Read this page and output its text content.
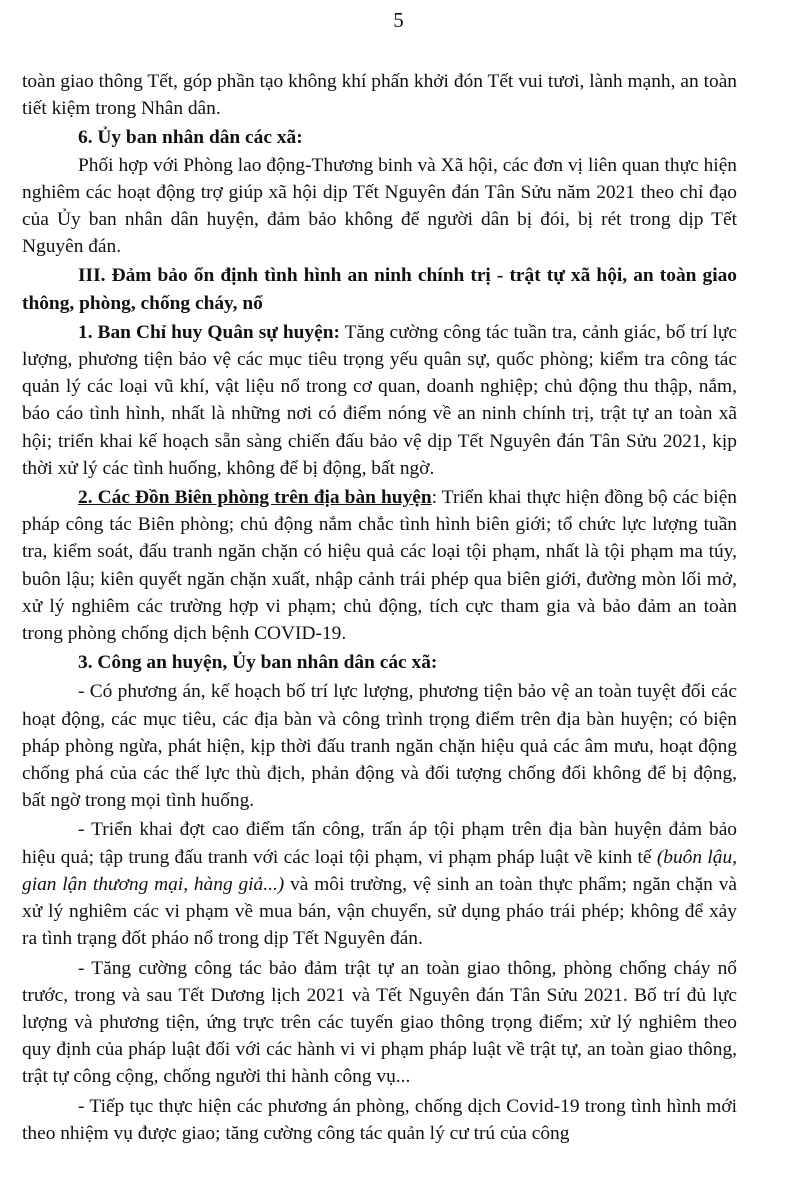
5

toàn giao thông Tết, góp phần tạo không khí phấn khởi đón Tết vui tươi, lành mạnh, an toàn tiết kiệm trong Nhân dân.

6. Ủy ban nhân dân các xã:

Phối hợp với Phòng lao động-Thương binh và Xã hội, các đơn vị liên quan thực hiện nghiêm các hoạt động trợ giúp xã hội dịp Tết Nguyên đán Tân Sửu năm 2021 theo chỉ đạo của Ủy ban nhân dân huyện, đảm bảo không để người dân bị đói, bị rét trong dịp Tết Nguyên đán.

III. Đảm bảo ổn định tình hình an ninh chính trị - trật tự xã hội, an toàn giao thông, phòng, chống cháy, nổ

1. Ban Chỉ huy Quân sự huyện: Tăng cường công tác tuần tra, cảnh giác, bố trí lực lượng, phương tiện bảo vệ các mục tiêu trọng yếu quân sự, quốc phòng; kiểm tra công tác quản lý các loại vũ khí, vật liệu nổ trong cơ quan, doanh nghiệp; chủ động thu thập, nắm, báo cáo tình hình, nhất là những nơi có điểm nóng về an ninh chính trị, trật tự an toàn xã hội; triển khai kế hoạch sẵn sàng chiến đấu bảo vệ dịp Tết Nguyên đán Tân Sửu 2021, kịp thời xử lý các tình huống, không để bị động, bất ngờ.

2. Các Đồn Biên phòng trên địa bàn huyện: Triển khai thực hiện đồng bộ các biện pháp công tác Biên phòng; chủ động nắm chắc tình hình biên giới; tổ chức lực lượng tuần tra, kiểm soát, đấu tranh ngăn chặn có hiệu quả các loại tội phạm, nhất là tội phạm ma túy, buôn lậu; kiên quyết ngăn chặn xuất, nhập cảnh trái phép qua biên giới, đường mòn lối mở, xử lý nghiêm các trường hợp vi phạm; chủ động, tích cực tham gia và bảo đảm an toàn trong phòng chống dịch bệnh COVID-19.

3. Công an huyện, Ủy ban nhân dân các xã:

- Có phương án, kế hoạch bố trí lực lượng, phương tiện bảo vệ an toàn tuyệt đối các hoạt động, các mục tiêu, các địa bàn và công trình trọng điểm trên địa bàn huyện; có biện pháp phòng ngừa, phát hiện, kịp thời đấu tranh ngăn chặn hiệu quả các âm mưu, hoạt động chống phá của các thế lực thù địch, phản động và đối tượng chống đối không để bị động, bất ngờ trong mọi tình huống.

- Triển khai đợt cao điểm tấn công, trấn áp tội phạm trên địa bàn huyện đảm bảo hiệu quả; tập trung đấu tranh với các loại tội phạm, vi phạm pháp luật về kinh tế (buôn lậu, gian lận thương mại, hàng giả...) và môi trường, vệ sinh an toàn thực phẩm; ngăn chặn và xử lý nghiêm các vi phạm về mua bán, vận chuyển, sử dụng pháo trái phép; không để xảy ra tình trạng đốt pháo nổ trong dịp Tết Nguyên đán.

- Tăng cường công tác bảo đảm trật tự an toàn giao thông, phòng chống cháy nổ trước, trong và sau Tết Dương lịch 2021 và Tết Nguyên đán Tân Sửu 2021. Bố trí đủ lực lượng và phương tiện, ứng trực trên các tuyến giao thông trọng điểm; xử lý nghiêm theo quy định của pháp luật đối với các hành vi vi phạm pháp luật về trật tự, an toàn giao thông, trật tự công cộng, chống người thi hành công vụ...

- Tiếp tục thực hiện các phương án phòng, chống dịch Covid-19 trong tình hình mới theo nhiệm vụ được giao; tăng cường công tác quản lý cư trú của công
